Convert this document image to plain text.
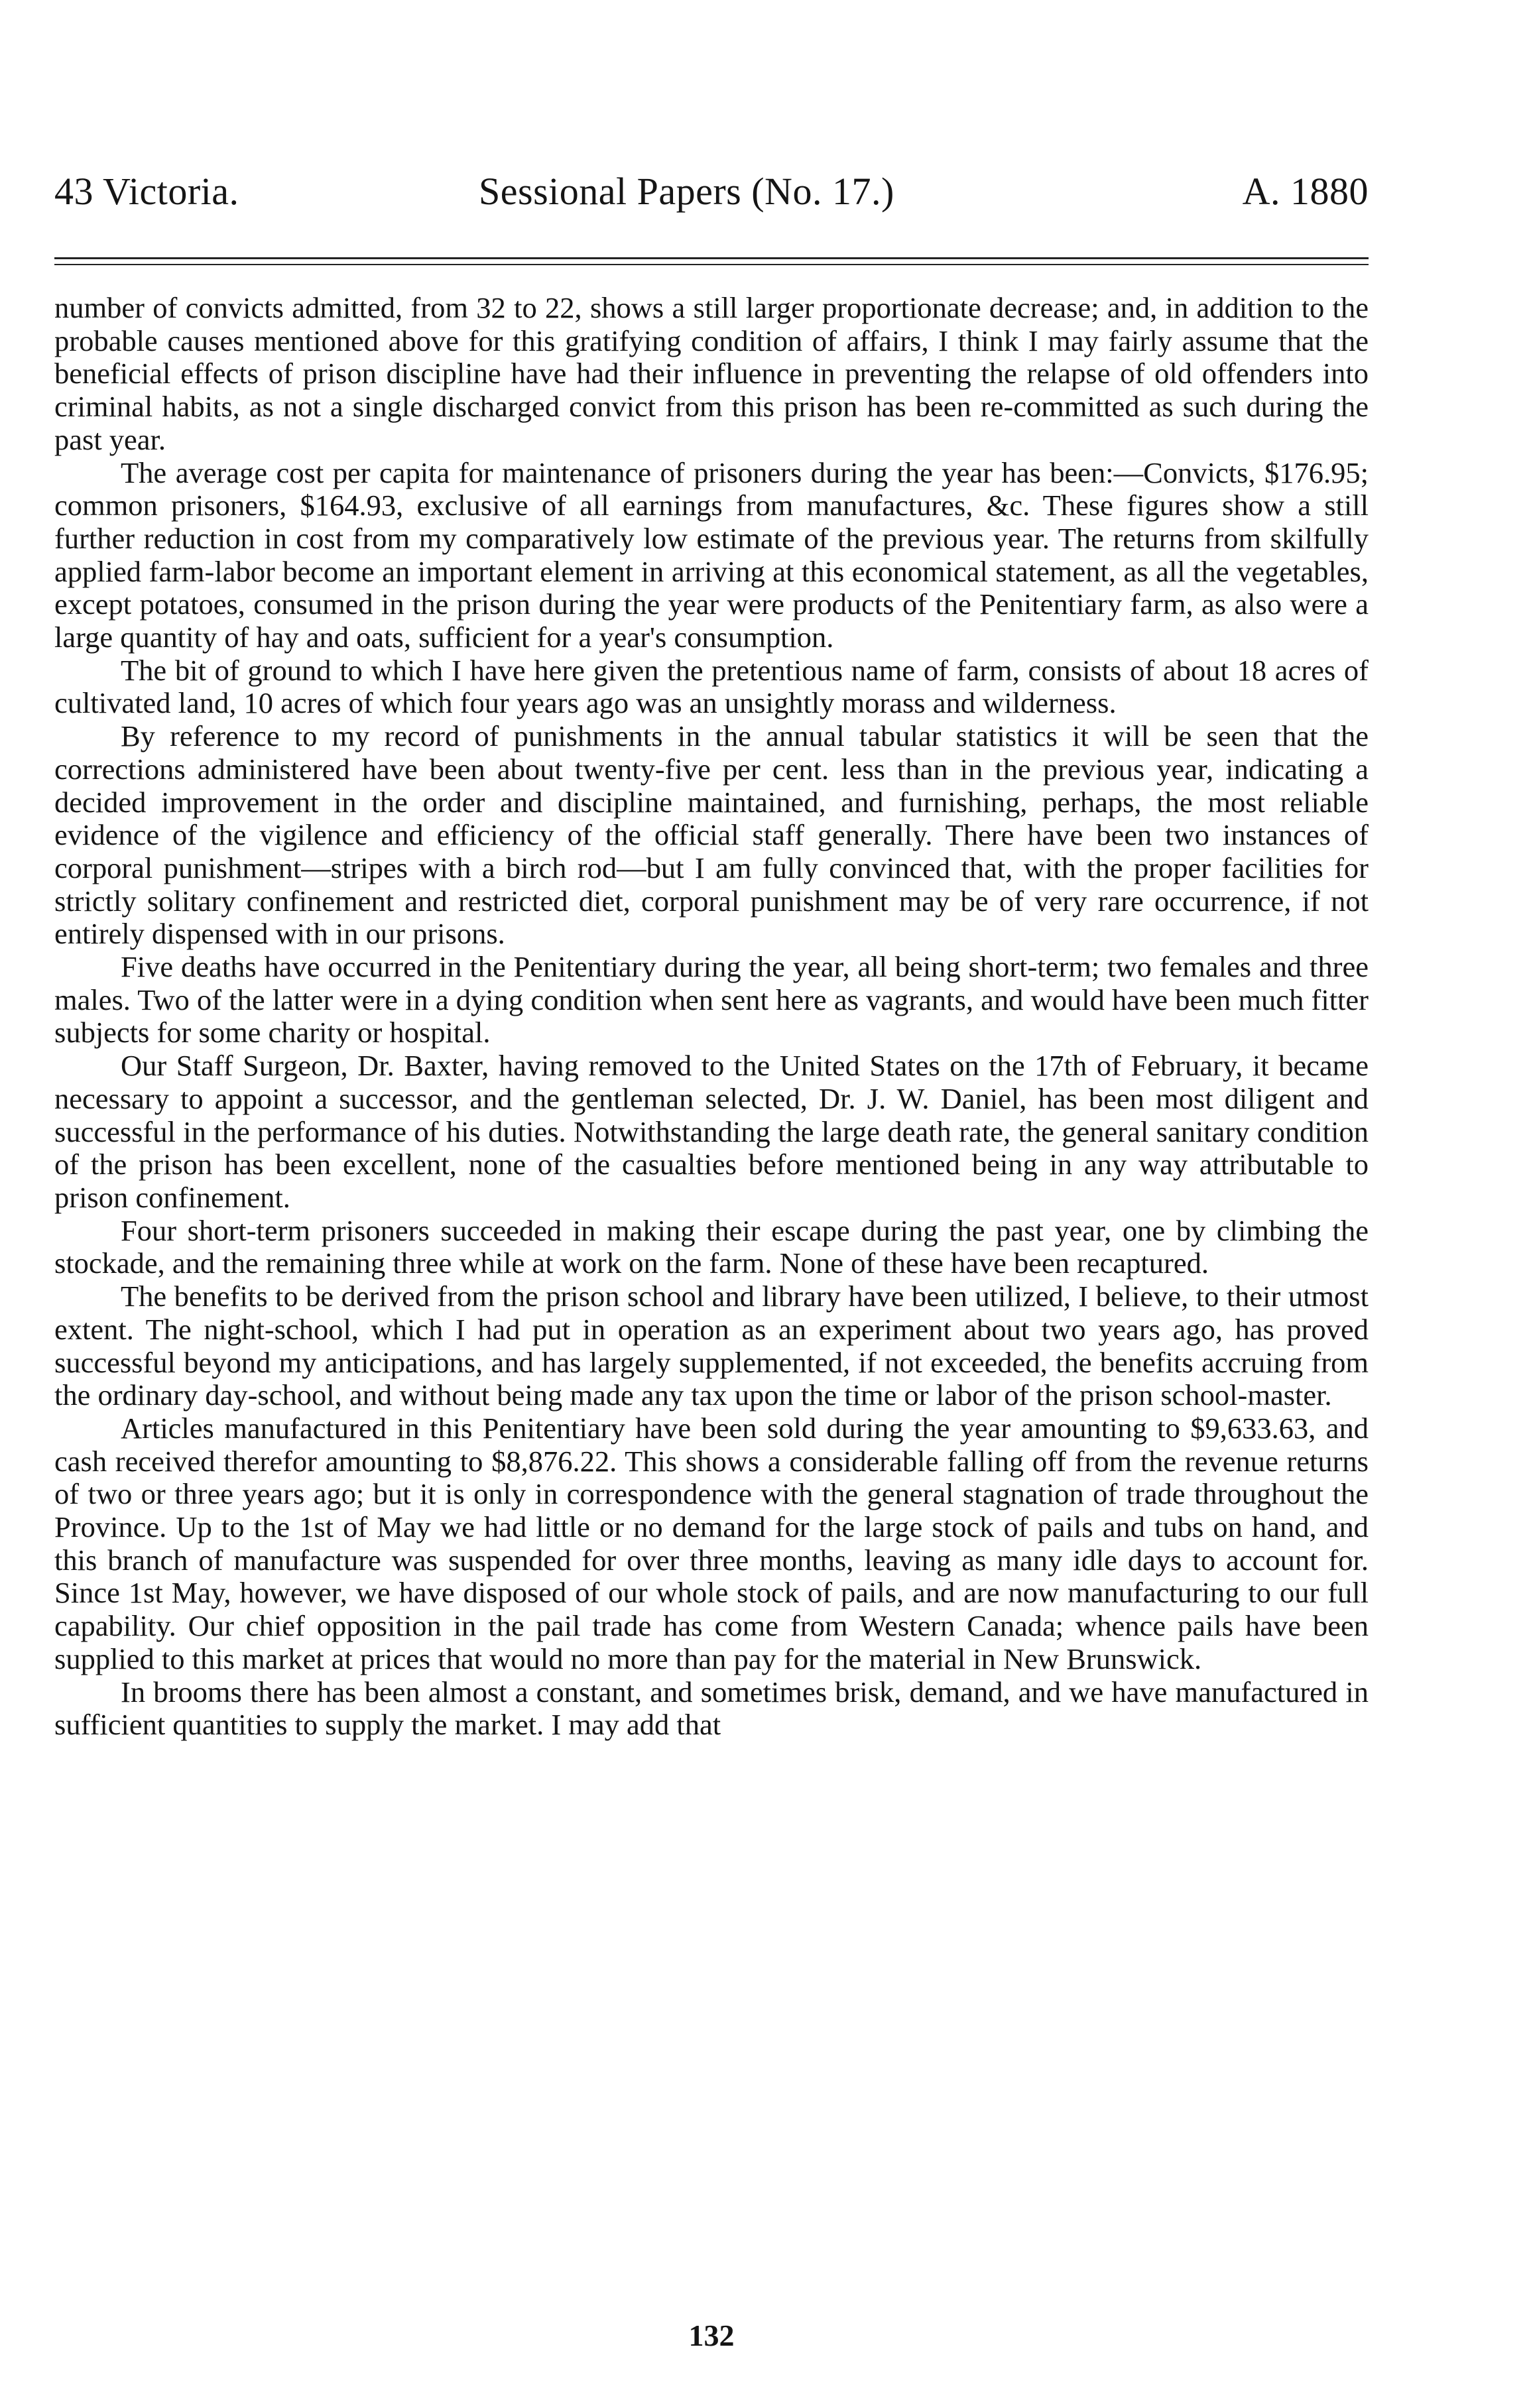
43 Victoria.	Sessional Papers (No. 17.)	A. 1880

number of convicts admitted, from 32 to 22, shows a still larger proportionate decrease; and, in addition to the probable causes mentioned above for this gratifying condition of affairs, I think I may fairly assume that the beneficial effects of prison discipline have had their influence in preventing the relapse of old offenders into criminal habits, as not a single discharged convict from this prison has been re-committed as such during the past year.

The average cost per capita for maintenance of prisoners during the year has been:—Convicts, $176.95; common prisoners, $164.93, exclusive of all earnings from manufactures, &c. These figures show a still further reduction in cost from my comparatively low estimate of the previous year. The returns from skilfully applied farm-labor become an important element in arriving at this economical statement, as all the vegetables, except potatoes, consumed in the prison during the year were products of the Penitentiary farm, as also were a large quantity of hay and oats, sufficient for a year's consumption.

The bit of ground to which I have here given the pretentious name of farm, consists of about 18 acres of cultivated land, 10 acres of which four years ago was an unsightly morass and wilderness.

By reference to my record of punishments in the annual tabular statistics it will be seen that the corrections administered have been about twenty-five per cent. less than in the previous year, indicating a decided improvement in the order and discipline maintained, and furnishing, perhaps, the most reliable evidence of the vigilence and efficiency of the official staff generally. There have been two instances of corporal punishment—stripes with a birch rod—but I am fully convinced that, with the proper facilities for strictly solitary confinement and restricted diet, corporal punishment may be of very rare occurrence, if not entirely dispensed with in our prisons.

Five deaths have occurred in the Penitentiary during the year, all being short-term; two females and three males. Two of the latter were in a dying condition when sent here as vagrants, and would have been much fitter subjects for some charity or hospital.

Our Staff Surgeon, Dr. Baxter, having removed to the United States on the 17th of February, it became necessary to appoint a successor, and the gentleman selected, Dr. J. W. Daniel, has been most diligent and successful in the performance of his duties. Notwithstanding the large death rate, the general sanitary condition of the prison has been excellent, none of the casualties before mentioned being in any way attributable to prison confinement.

Four short-term prisoners succeeded in making their escape during the past year, one by climbing the stockade, and the remaining three while at work on the farm. None of these have been recaptured.

The benefits to be derived from the prison school and library have been utilized, I believe, to their utmost extent. The night-school, which I had put in operation as an experiment about two years ago, has proved successful beyond my anticipations, and has largely supplemented, if not exceeded, the benefits accruing from the ordinary day-school, and without being made any tax upon the time or labor of the prison school-master.

Articles manufactured in this Penitentiary have been sold during the year amounting to $9,633.63, and cash received therefor amounting to $8,876.22. This shows a considerable falling off from the revenue returns of two or three years ago; but it is only in correspondence with the general stagnation of trade throughout the Province. Up to the 1st of May we had little or no demand for the large stock of pails and tubs on hand, and this branch of manufacture was suspended for over three months, leaving as many idle days to account for. Since 1st May, however, we have disposed of our whole stock of pails, and are now manufacturing to our full capability. Our chief opposition in the pail trade has come from Western Canada; whence pails have been supplied to this market at prices that would no more than pay for the material in New Brunswick.

In brooms there has been almost a constant, and sometimes brisk, demand, and we have manufactured in sufficient quantities to supply the market. I may add that

132
